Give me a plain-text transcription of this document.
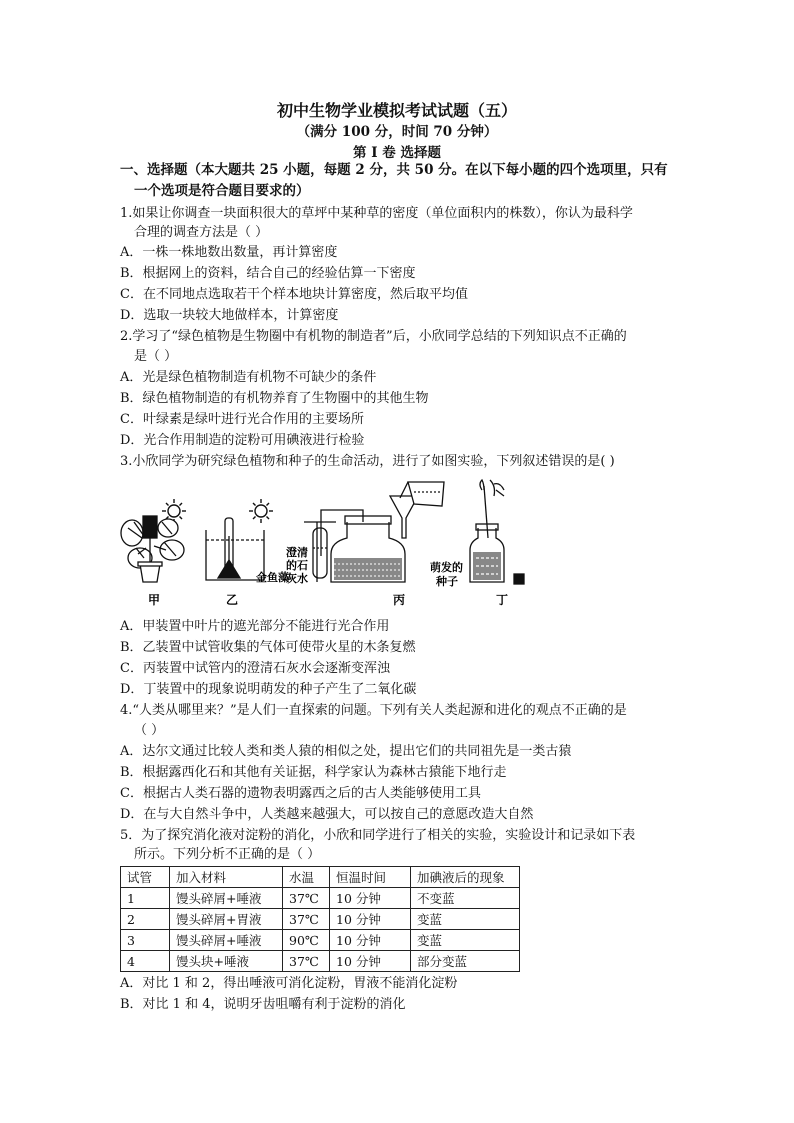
初中生物学业模拟考试试题（五）
（满分 100 分，时间 70 分钟）
第 I 卷 选择题
一、选择题（本大题共 25 小题，每题 2 分，共 50 分。在以下每小题的四个选项里，只有
一个选项是符合题目要求的）
1.如果让你调查一块面积很大的草坪中某种草的密度（单位面积内的株数），你认为最科学
合理的调查方法是（ ）
A．一株一株地数出数量，再计算密度
B．根据网上的资料，结合自己的经验估算一下密度
C．在不同地点选取若干个样本地块计算密度，然后取平均值
D．选取一块较大地做样本，计算密度
2.学习了“绿色植物是生物圈中有机物的制造者”后，小欣同学总结的下列知识点不正确的
是（ ）
A．光是绿色植物制造有机物不可缺少的条件
B．绿色植物制造的有机物养育了生物圈中的其他生物
C．叶绿素是绿叶进行光合作用的主要场所
D．光合作用制造的淀粉可用碘液进行检验
3.小欣同学为研究绿色植物和种子的生命活动，进行了如图实验，下列叙述错误的是( )
甲	乙	丙	丁
金鱼藻
澄清
的石
灰水
萌发的
种子
A．甲装置中叶片的遮光部分不能进行光合作用
B．乙装置中试管收集的气体可使带火星的木条复燃
C．丙装置中试管内的澄清石灰水会逐渐变浑浊
D．丁装置中的现象说明萌发的种子产生了二氧化碳
4.“人类从哪里来？”是人们一直探索的问题。下列有关人类起源和进化的观点不正确的是
（ ）
A．达尔文通过比较人类和类人猿的相似之处，提出它们的共同祖先是一类古猿
B．根据露西化石和其他有关证据，科学家认为森林古猿能下地行走
C．根据古人类石器的遗物表明露西之后的古人类能够使用工具
D．在与大自然斗争中，人类越来越强大，可以按自己的意愿改造大自然
5．为了探究消化液对淀粉的消化，小欣和同学进行了相关的实验，实验设计和记录如下表
所示。下列分析不正确的是（ ）
试管	加入材料	水温	恒温时间	加碘液后的现象
1	馒头碎屑+唾液	37℃	10 分钟	不变蓝
2	馒头碎屑+胃液	37℃	10 分钟	变蓝
3	馒头碎屑+唾液	90℃	10 分钟	变蓝
4	馒头块+唾液	37℃	10 分钟	部分变蓝
A．对比 1 和 2，得出唾液可消化淀粉，胃液不能消化淀粉
B．对比 1 和 4，说明牙齿咀嚼有利于淀粉的消化
